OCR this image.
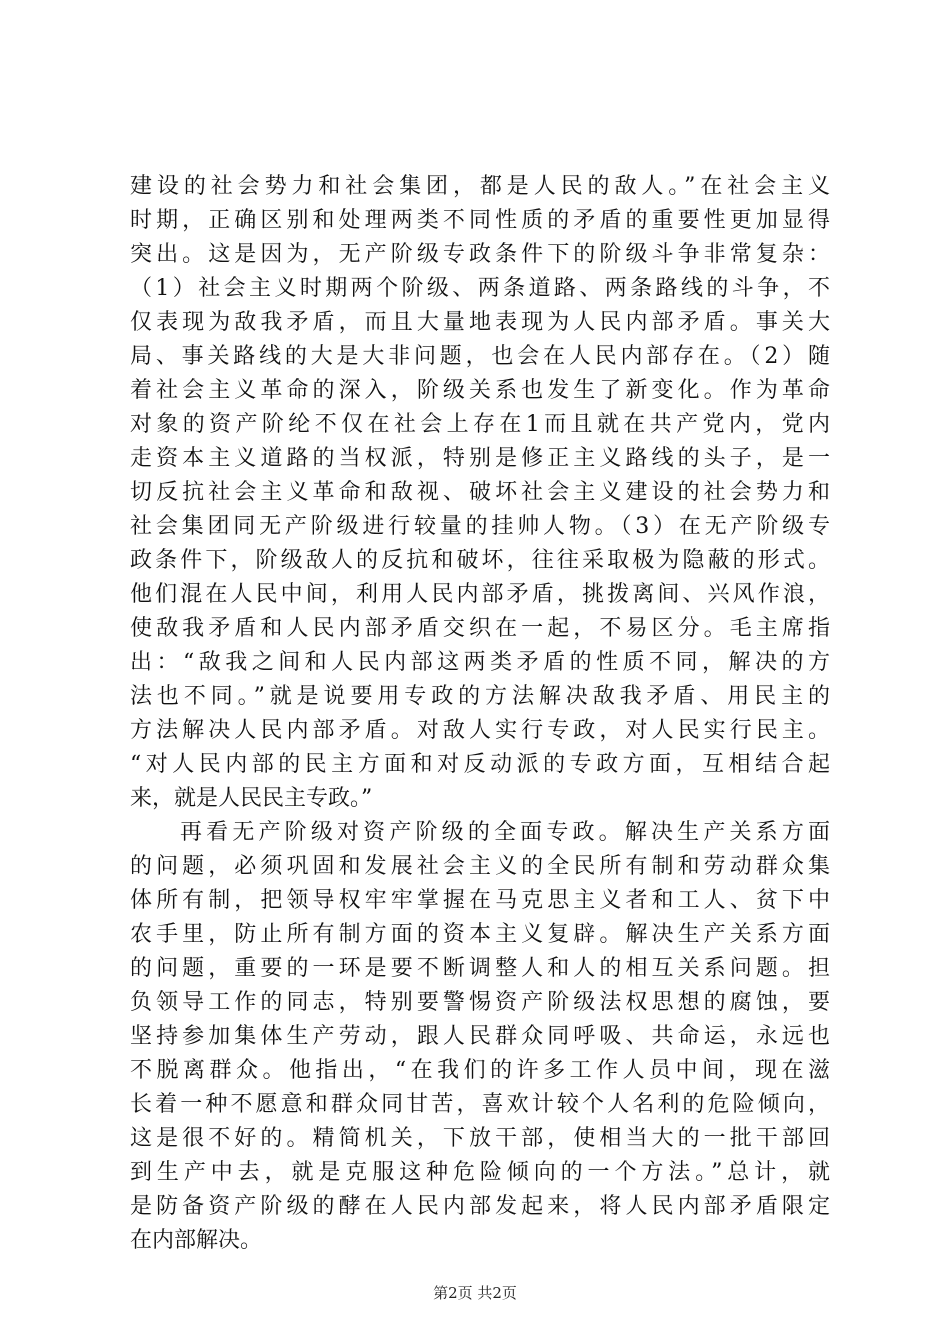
建设的社会势力和社会集团，都是人民的敌人。”在社会主义
时期，正确区别和处理两类不同性质的矛盾的重要性更加显得
突出。这是因为，无产阶级专政条件下的阶级斗争非常复杂：
（1）社会主义时期两个阶级、两条道路、两条路线的斗争，不
仅表现为敌我矛盾，而且大量地表现为人民内部矛盾。事关大
局、事关路线的大是大非问题，也会在人民内部存在。（2）随
着社会主义革命的深入，阶级关系也发生了新变化。作为革命
对象的资产阶纶不仅在社会上存在1而且就在共产党内，党内
走资本主义道路的当权派，特别是修正主义路线的头子，是一
切反抗社会主义革命和敌视、破坏社会主义建设的社会势力和
社会集团同无产阶级进行较量的挂帅人物。（3）在无产阶级专
政条件下，阶级敌人的反抗和破坏，往往采取极为隐蔽的形式。
他们混在人民中间，利用人民内部矛盾，挑拨离间、兴风作浪，
使敌我矛盾和人民内部矛盾交织在一起，不易区分。毛主席指
出：“敌我之间和人民内部这两类矛盾的性质不同，解决的方
法也不同。”就是说要用专政的方法解决敌我矛盾、用民主的
方法解决人民内部矛盾。对敌人实行专政，对人民实行民主。
“对人民内部的民主方面和对反动派的专政方面，互相结合起
来，就是人民民主专政。”
再看无产阶级对资产阶级的全面专政。解决生产关系方面
的问题，必须巩固和发展社会主义的全民所有制和劳动群众集
体所有制，把领导权牢牢掌握在马克思主义者和工人、贫下中
农手里，防止所有制方面的资本主义复辟。解决生产关系方面
的问题，重要的一环是要不断调整人和人的相互关系问题。担
负领导工作的同志，特别要警惕资产阶级法权思想的腐蚀，要
坚持参加集体生产劳动，跟人民群众同呼吸、共命运，永远也
不脱离群众。他指出，“在我们的许多工作人员中间，现在滋
长着一种不愿意和群众同甘苦，喜欢计较个人名利的危险倾向，
这是很不好的。精简机关，下放干部，使相当大的一批干部回
到生产中去，就是克服这种危险倾向的一个方法。”总计，就
是防备资产阶级的酵在人民内部发起来，将人民内部矛盾限定
在内部解决。
第2页 共2页
